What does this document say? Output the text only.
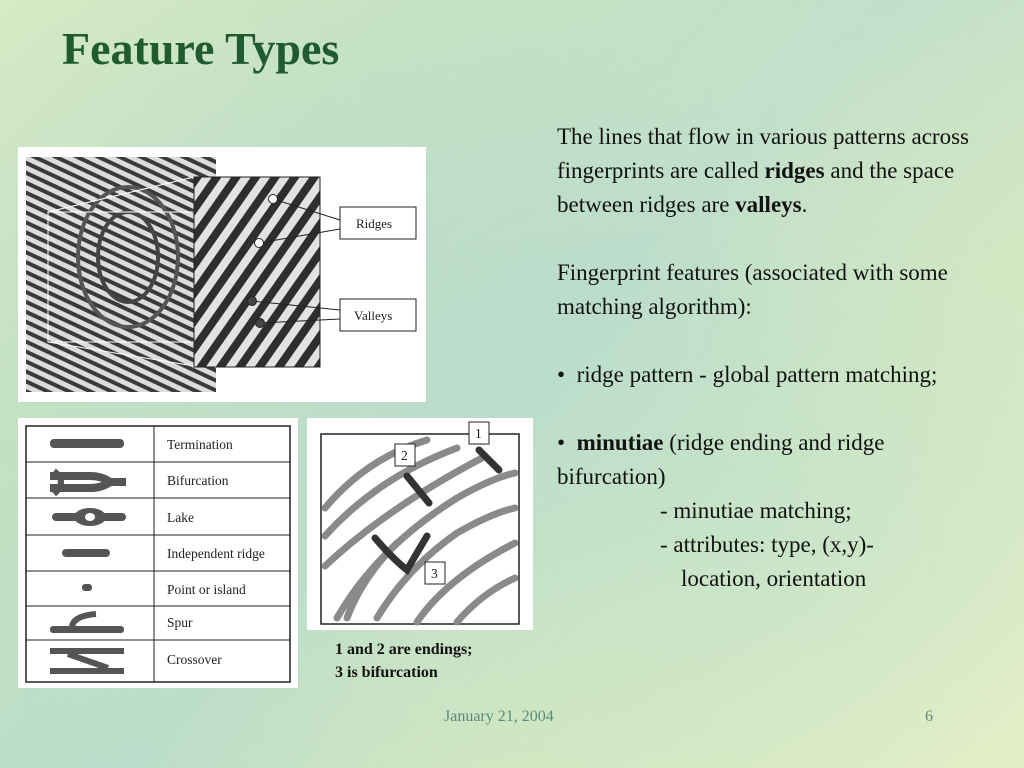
Feature Types
Ridges
Valleys
Termination
Bifurcation
Lake
Independent ridge
Point or island
Spur
Crossover
1
2
3
1 and 2 are endings;
3 is bifurcation

The lines that flow in various patterns across fingerprints are called ridges and the space between ridges are valleys.

Fingerprint features (associated with some matching algorithm):

• ridge pattern - global pattern matching;

• minutiae (ridge ending and ridge bifurcation)

- minutiae matching;

- attributes: type, (x,y)-

location, orientation

January 21, 2004	6
